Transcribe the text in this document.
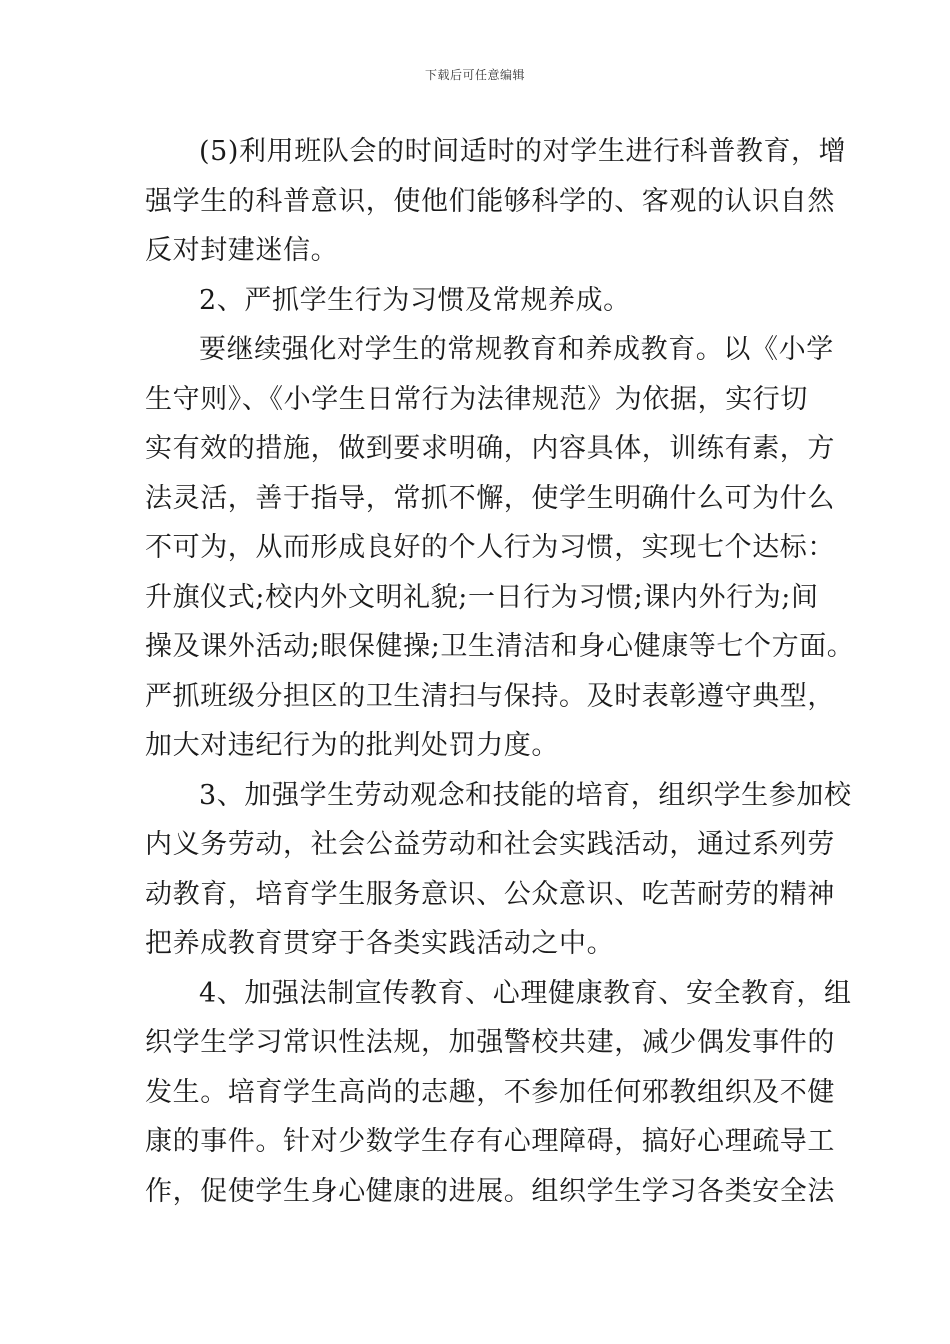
下载后可任意编辑
(5)利用班队会的时间适时的对学生进行科普教育，增
强学生的科普意识，使他们能够科学的、客观的认识自然
反对封建迷信。
2、严抓学生行为习惯及常规养成。
要继续强化对学生的常规教育和养成教育。以《小学
生守则》、《小学生日常行为法律规范》为依据，实行切
实有效的措施，做到要求明确，内容具体，训练有素，方
法灵活，善于指导，常抓不懈，使学生明确什么可为什么
不可为，从而形成良好的个人行为习惯，实现七个达标：
升旗仪式;校内外文明礼貌;一日行为习惯;课内外行为;间
操及课外活动;眼保健操;卫生清洁和身心健康等七个方面。
严抓班级分担区的卫生清扫与保持。及时表彰遵守典型，
加大对违纪行为的批判处罚力度。
3、加强学生劳动观念和技能的培育，组织学生参加校
内义务劳动，社会公益劳动和社会实践活动，通过系列劳
动教育，培育学生服务意识、公众意识、吃苦耐劳的精神
把养成教育贯穿于各类实践活动之中。
4、加强法制宣传教育、心理健康教育、安全教育，组
织学生学习常识性法规，加强警校共建，减少偶发事件的
发生。培育学生高尚的志趣，不参加任何邪教组织及不健
康的事件。针对少数学生存有心理障碍，搞好心理疏导工
作，促使学生身心健康的进展。组织学生学习各类安全法
